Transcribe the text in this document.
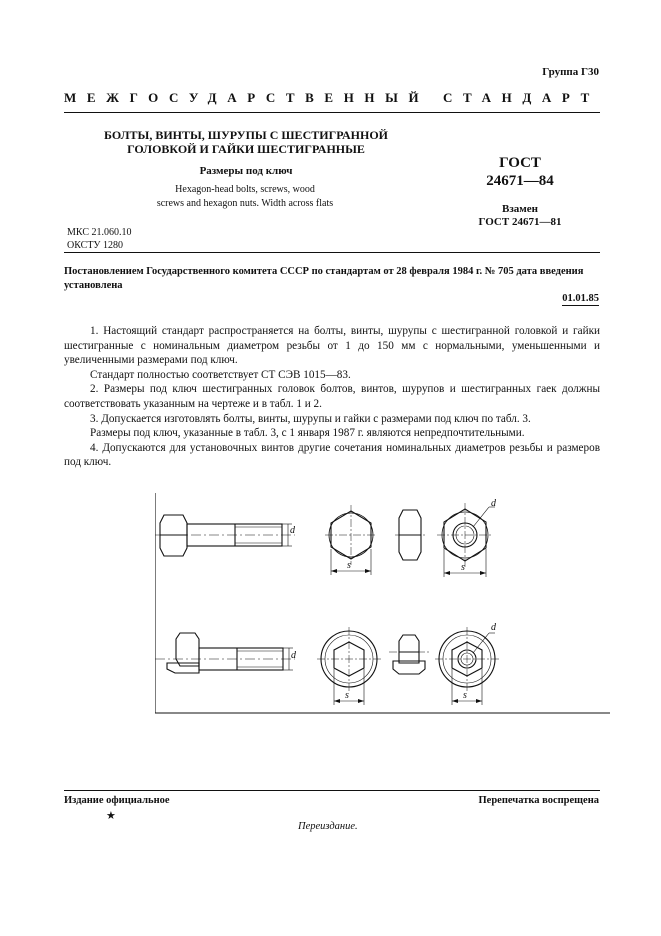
Группа Г30
МЕЖГОСУДАРСТВЕННЫЙ СТАНДАРТ
БОЛТЫ, ВИНТЫ, ШУРУПЫ С ШЕСТИГРАННОЙ
ГОЛОВКОЙ И ГАЙКИ ШЕСТИГРАННЫЕ
Размеры под ключ
Hexagon-head bolts, screws, wood
screws and hexagon nuts. Width across flats
МКС 21.060.10
ОКСТУ 1280
ГОСТ
24671—84
Взамен
ГОСТ 24671—81
Постановлением Государственного комитета СССР по стандартам от 28 февраля 1984 г. № 705 дата введения установлена
01.01.85

1. Настоящий стандарт распространяется на болты, винты, шурупы с шестигранной головкой и гайки шестигранные с номинальным диаметром резьбы от 1 до 150 мм с нормальными, уменьшенными и увеличенными размерами под ключ.

Стандарт полностью соответствует СТ СЭВ 1015—83.

2. Размеры под ключ шестигранных головок болтов, винтов, шурупов и шестигранных гаек должны соответствовать указанным на чертеже и в табл. 1 и 2.

3. Допускается изготовлять болты, винты, шурупы и гайки с размерами под ключ по табл. 3.

Размеры под ключ, указанные в табл. 3, с 1 января 1987 г. являются непредпочтительными.

4. Допускаются для установочных винтов другие сочетания номинальных диаметров резьбы и размеров под ключ.

d
s
d
s
d
s
d
s
Издание официальное	Перепечатка воспрещена
★
Переиздание.
